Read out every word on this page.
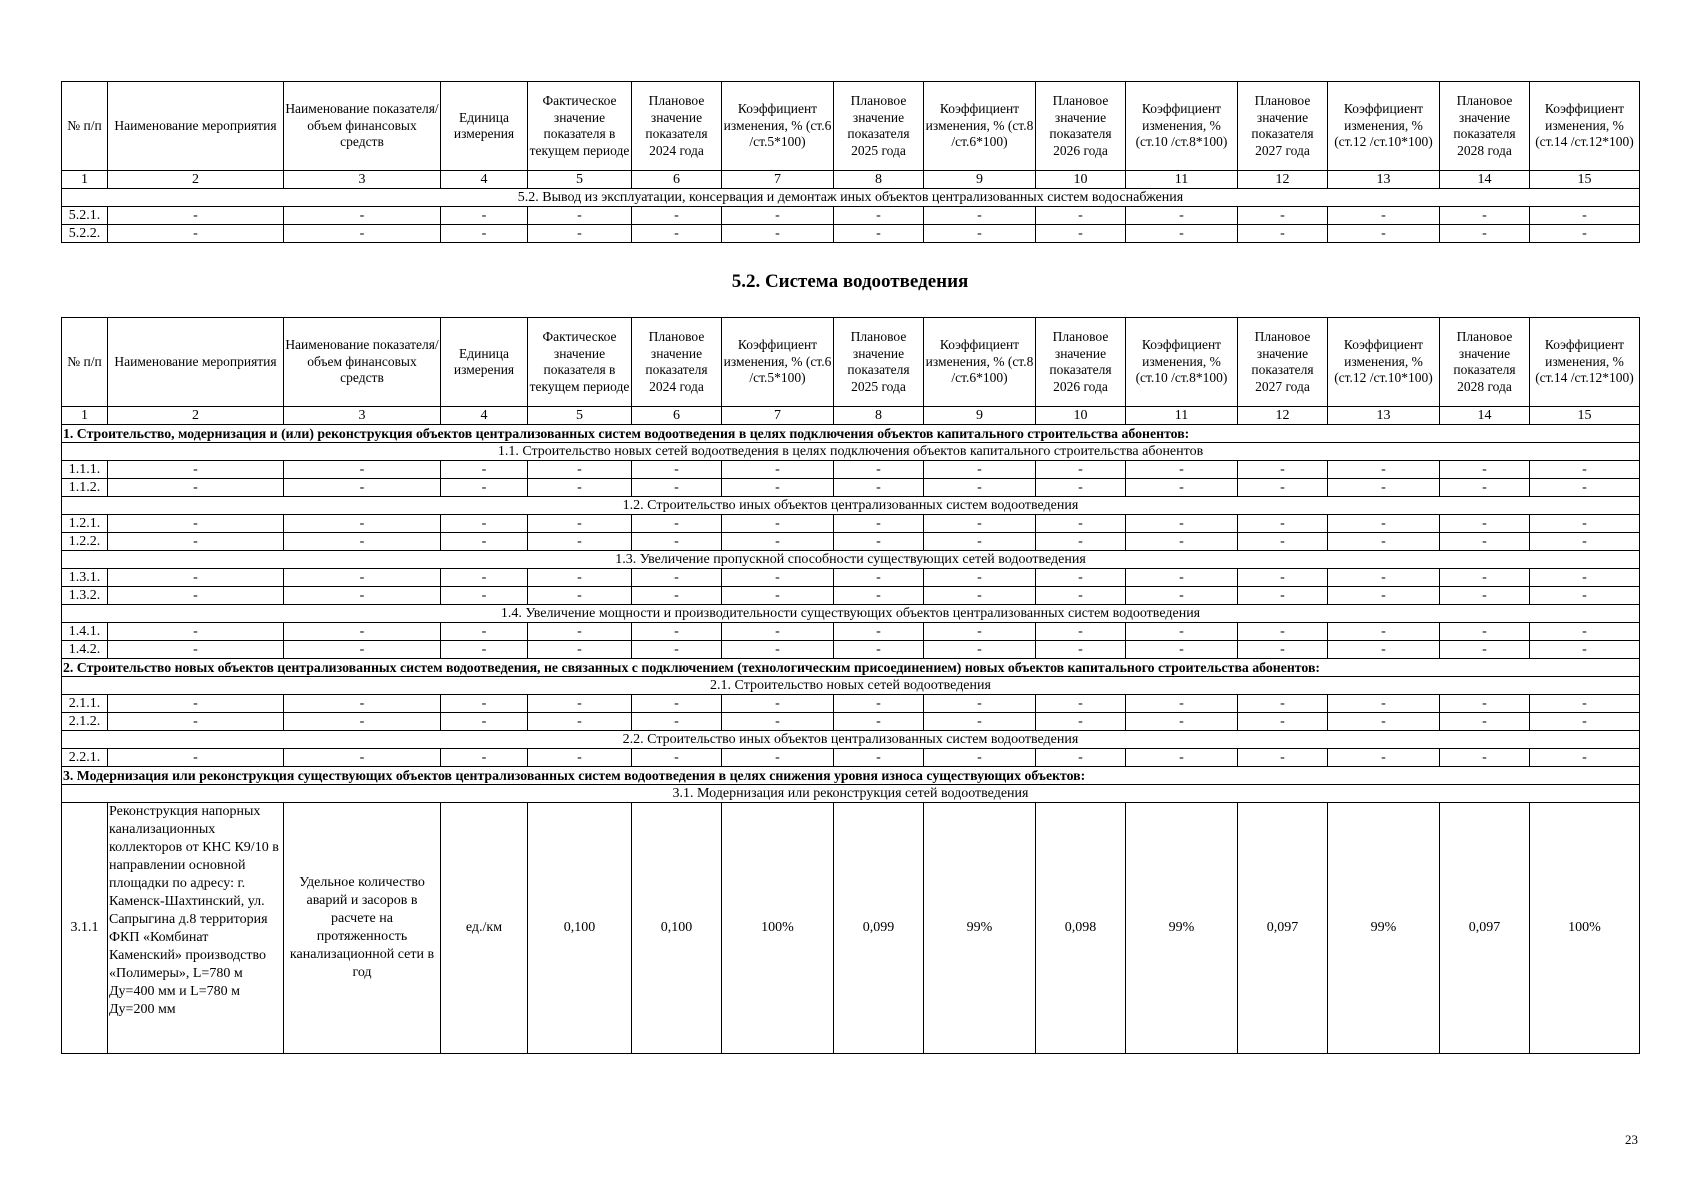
№ п/п	Наименование мероприятия	Наименование показателя/ объем финансовых средств	Единица измерения	Фактическое значение показателя в текущем периоде	Плановое значение показателя 2024 года	Коэффициент изменения, % (ст.6 /ст.5*100)	Плановое значение показателя 2025 года	Коэффициент изменения, % (ст.8 /ст.6*100)	Плановое значение показателя 2026 года	Коэффициент изменения, % (ст.10 /ст.8*100)	Плановое значение показателя 2027 года	Коэффициент изменения, % (ст.12 /ст.10*100)	Плановое значение показателя 2028 года	Коэффициент изменения, % (ст.14 /ст.12*100)
1	2	3	4	5	6	7	8	9	10	11	12	13	14	15
5.2. Вывод из эксплуатации, консервация и демонтаж иных объектов централизованных систем водоснабжения														
5.2.1.	-	-	-	-	-	-	-	-	-	-	-	-	-	-
5.2.2.	-	-	-	-	-	-	-	-	-	-	-	-	-	-
5.2. Система водоотведения
№ п/п	Наименование мероприятия	Наименование показателя/ объем финансовых средств	Единица измерения	Фактическое значение показателя в текущем периоде	Плановое значение показателя 2024 года	Коэффициент изменения, % (ст.6 /ст.5*100)	Плановое значение показателя 2025 года	Коэффициент изменения, % (ст.8 /ст.6*100)	Плановое значение показателя 2026 года	Коэффициент изменения, % (ст.10 /ст.8*100)	Плановое значение показателя 2027 года	Коэффициент изменения, % (ст.12 /ст.10*100)	Плановое значение показателя 2028 года	Коэффициент изменения, % (ст.14 /ст.12*100)
1	2	3	4	5	6	7	8	9	10	11	12	13	14	15
1. Строительство, модернизация и (или) реконструкция объектов централизованных систем водоотведения в целях подключения объектов капитального строительства абонентов:														
1.1. Строительство новых сетей водоотведения в целях подключения объектов капитального строительства абонентов														
1.1.1.	-	-	-	-	-	-	-	-	-	-	-	-	-	-
1.1.2.	-	-	-	-	-	-	-	-	-	-	-	-	-	-
1.2. Строительство иных объектов централизованных систем водоотведения														
1.2.1.	-	-	-	-	-	-	-	-	-	-	-	-	-	-
1.2.2.	-	-	-	-	-	-	-	-	-	-	-	-	-	-
1.3. Увеличение пропускной способности существующих сетей водоотведения														
1.3.1.	-	-	-	-	-	-	-	-	-	-	-	-	-	-
1.3.2.	-	-	-	-	-	-	-	-	-	-	-	-	-	-
1.4. Увеличение мощности и производительности существующих объектов централизованных систем водоотведения														
1.4.1.	-	-	-	-	-	-	-	-	-	-	-	-	-	-
1.4.2.	-	-	-	-	-	-	-	-	-	-	-	-	-	-
2. Строительство новых объектов централизованных систем водоотведения, не связанных с подключением (технологическим присоединением) новых объектов капитального строительства абонентов:														
2.1. Строительство новых сетей водоотведения														
2.1.1.	-	-	-	-	-	-	-	-	-	-	-	-	-	-
2.1.2.	-	-	-	-	-	-	-	-	-	-	-	-	-	-
2.2. Строительство иных объектов централизованных систем водоотведения														
2.2.1.	-	-	-	-	-	-	-	-	-	-	-	-	-	-
3. Модернизация или реконструкция существующих объектов централизованных систем водоотведения в целях снижения уровня износа существующих объектов:														
3.1. Модернизация или реконструкция сетей водоотведения														
3.1.1	Реконструкция напорных канализационных коллекторов от КНС К9/10 в направлении основной площадки по адресу: г. Каменск-Шахтинский, ул. Сапрыгина д.8 территория ФКП «Комбинат Каменский» производство «Полимеры», L=780 м Ду=400 мм и L=780 м Ду=200 мм	Удельное количество аварий и засоров в расчете на протяженность канализационной сети в год	ед./км	0,100	0,100	100%	0,099	99%	0,098	99%	0,097	99%	0,097	100%
23
